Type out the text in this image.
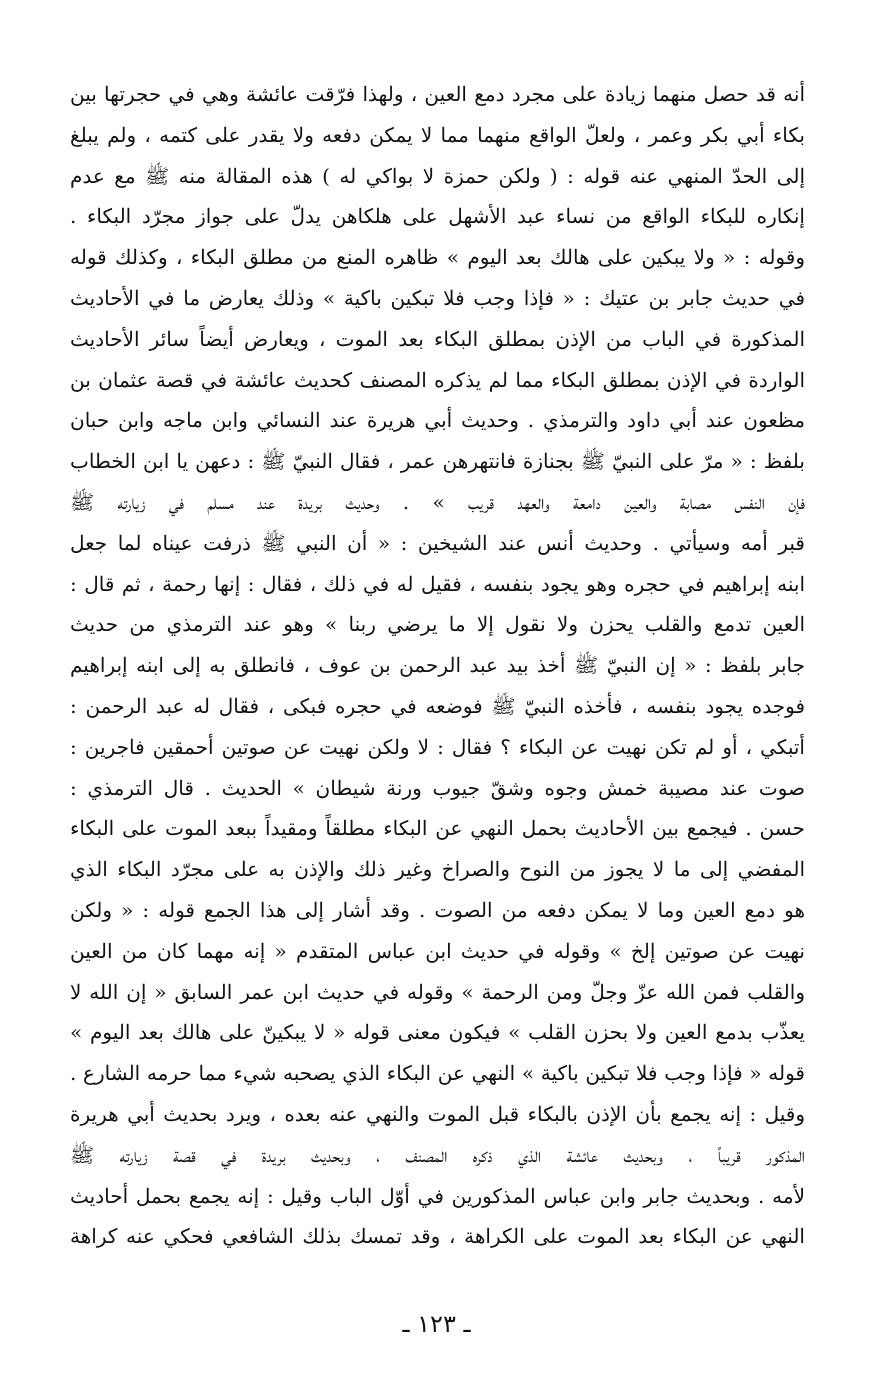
أنه قد حصل منهما زيادة على مجرد دمع العين ، ولهذا فرّقت عائشة وهي في حجرتها بين
بكاء أبي بكر وعمر ، ولعلّ الواقع منهما مما لا يمكن دفعه ولا يقدر على كتمه ، ولم يبلغ
إلى الحدّ المنهي عنه قوله : ( ولكن حمزة لا بواكي له ) هذه المقالة منه ﷺ مع عدم
إنكاره للبكاء الواقع من نساء عبد الأشهل على هلكاهن يدلّ على جواز مجرّد البكاء .
وقوله : « ولا يبكين على هالك بعد اليوم » ظاهره المنع من مطلق البكاء ، وكذلك قوله
في حديث جابر بن عتيك : « فإذا وجب فلا تبكين باكية » وذلك يعارض ما في الأحاديث
المذكورة في الباب من الإذن بمطلق البكاء بعد الموت ، ويعارض أيضاً سائر الأحاديث
الواردة في الإذن بمطلق البكاء مما لم يذكره المصنف كحديث عائشة في قصة عثمان بن
مظعون عند أبي داود والترمذي . وحديث أبي هريرة عند النسائي وابن ماجه وابن حبان
بلفظ : « مرّ على النبيّ ﷺ بجنازة فانتهرهن عمر ، فقال النبيّ ﷺ : دعهن يا ابن الخطاب
فإن النفس مصابة والعين دامعة والعهد قريب » . وحديث بريدة عند مسلم في زيارته ﷺ
قبر أمه وسيأتي . وحديث أنس عند الشيخين : « أن النبي ﷺ ذرفت عيناه لما جعل
ابنه إبراهيم في حجره وهو يجود بنفسه ، فقيل له في ذلك ، فقال : إنها رحمة ، ثم قال :
العين تدمع والقلب يحزن ولا نقول إلا ما يرضي ربنا » وهو عند الترمذي من حديث
جابر بلفظ : « إن النبيّ ﷺ أخذ بيد عبد الرحمن بن عوف ، فانطلق به إلى ابنه إبراهيم
فوجده يجود بنفسه ، فأخذه النبيّ ﷺ فوضعه في حجره فبكى ، فقال له عبد الرحمن :
أتبكي ، أو لم تكن نهيت عن البكاء ؟ فقال : لا ولكن نهيت عن صوتين أحمقين فاجرين :
صوت عند مصيبة خمش وجوه وشقّ جيوب ورنة شيطان » الحديث . قال الترمذي :
حسن . فيجمع بين الأحاديث بحمل النهي عن البكاء مطلقاً ومقيداً ببعد الموت على البكاء
المفضي إلى ما لا يجوز من النوح والصراخ وغير ذلك والإذن به على مجرّد البكاء الذي
هو دمع العين وما لا يمكن دفعه من الصوت . وقد أشار إلى هذا الجمع قوله : « ولكن
نهيت عن صوتين إلخ » وقوله في حديث ابن عباس المتقدم « إنه مهما كان من العين
والقلب فمن الله عزّ وجلّ ومن الرحمة » وقوله في حديث ابن عمر السابق « إن الله لا
يعذّب بدمع العين ولا بحزن القلب » فيكون معنى قوله « لا يبكينّ على هالك بعد اليوم »
قوله « فإذا وجب فلا تبكين باكية » النهي عن البكاء الذي يصحبه شيء مما حرمه الشارع .
وقيل : إنه يجمع بأن الإذن بالبكاء قبل الموت والنهي عنه بعده ، ويرد بحديث أبي هريرة
المذكور قريباً ، وبحديث عائشة الذي ذكره المصنف ، وبحديث بريدة في قصة زيارته ﷺ
لأمه . وبحديث جابر وابن عباس المذكورين في أوّل الباب وقيل : إنه يجمع بحمل أحاديث
النهي عن البكاء بعد الموت على الكراهة ، وقد تمسك بذلك الشافعي فحكي عنه كراهة
ـ ١٢٣ ـ
